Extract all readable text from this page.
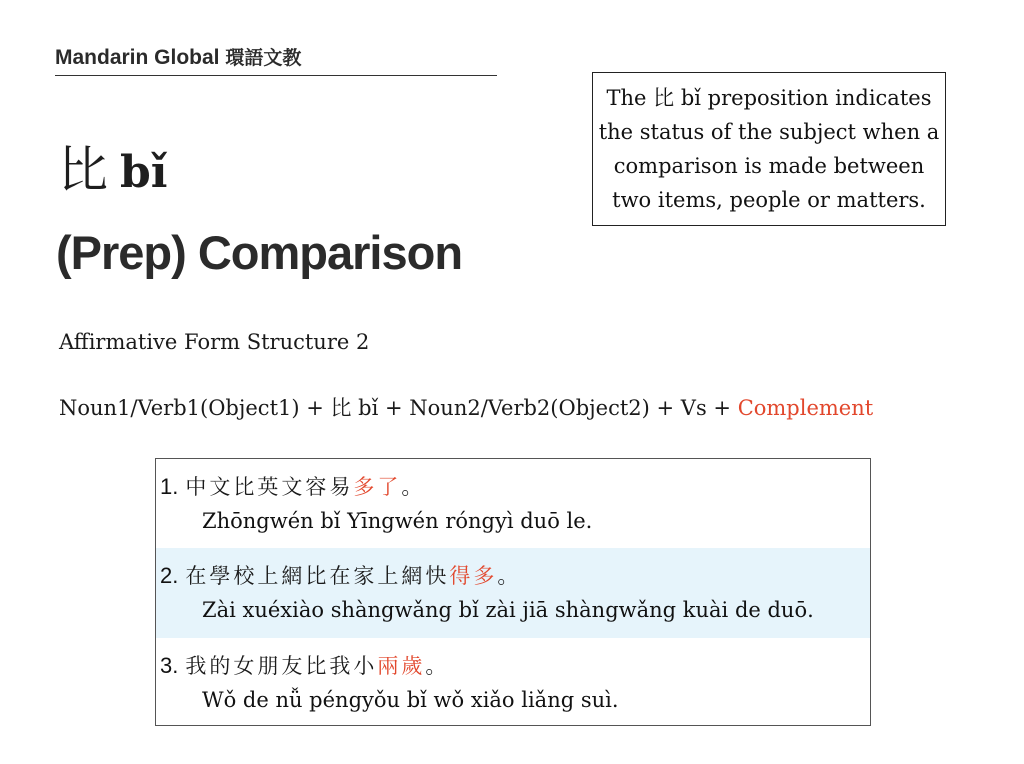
Mandarin Global 環語文教
比 bǐ
(Prep) Comparison
The 比 bǐ preposition indicates the status of the subject when a comparison is made between two items, people or matters.
Affirmative Form Structure 2
Noun1/Verb1(Object1) + 比 bǐ + Noun2/Verb2(Object2) + Vs + Complement
1. 中文比英文容易多了。
Zhōngwén bǐ Yīngwén róngyì duō le.
2. 在學校上網比在家上網快得多。
Zài xuéxiào shàngwǎng bǐ zài jiā shàngwǎng kuài de duō.
3. 我的女朋友比我小兩歲。
Wǒ de nǚ péngyǒu bǐ wǒ xiǎo liǎng suì.
